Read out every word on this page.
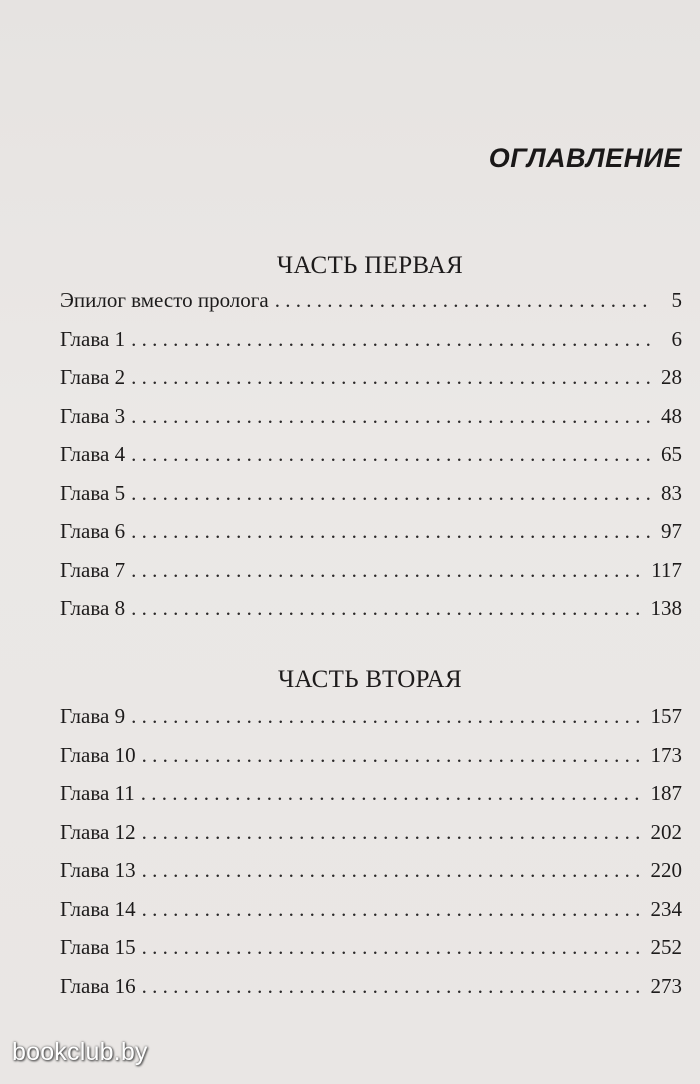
ОГЛАВЛЕНИЕ
ЧАСТЬ ПЕРВАЯ
Эпилог вместо пролога . . .	5
Глава 1 . . .	6
Глава 2 . . .	28
Глава 3 . . .	48
Глава 4 . . .	65
Глава 5 . . .	83
Глава 6 . . .	97
Глава 7 . . .	117
Глава 8 . . .	138
ЧАСТЬ ВТОРАЯ
Глава 9 . . .	157
Глава 10 . . .	173
Глава 11 . . .	187
Глава 12 . . .	202
Глава 13 . . .	220
Глава 14 . . .	234
Глава 15 . . .	252
Глава 16 . . .	273
bookclub.by
